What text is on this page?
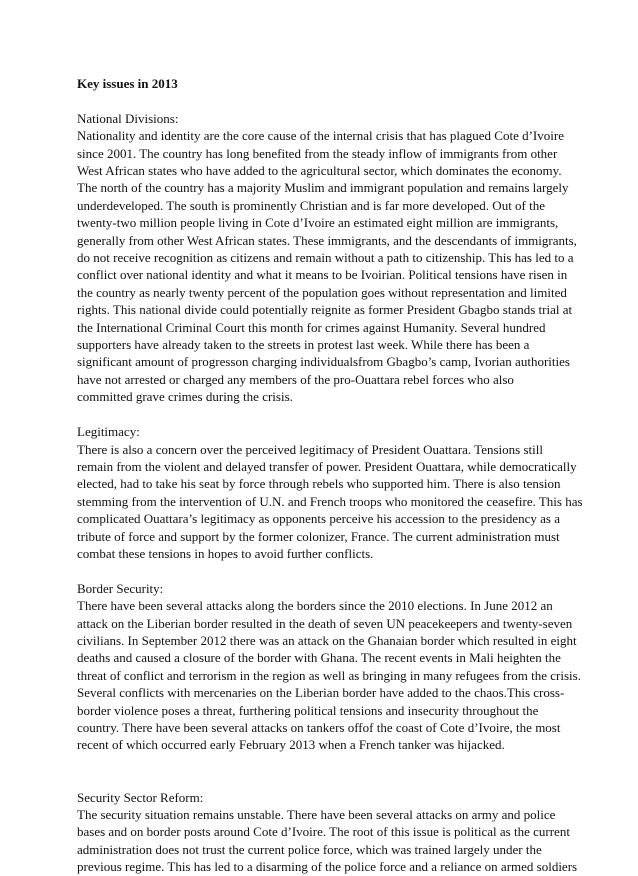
Key issues in 2013
National Divisions:
Nationality and identity are the core cause of the internal crisis that has plagued Cote d’Ivoire
since 2001. The country has long benefited from the steady inflow of immigrants from other
West African states who have added to the agricultural sector, which dominates the economy.
The north of the country has a majority Muslim and immigrant population and remains largely
underdeveloped. The south is prominently Christian and is far more developed. Out of the
twenty-two million people living in Cote d’Ivoire an estimated eight million are immigrants,
generally from other West African states. These immigrants, and the descendants of immigrants,
do not receive recognition as citizens and remain without a path to citizenship. This has led to a
conflict over national identity and what it means to be Ivoirian. Political tensions have risen in
the country as nearly twenty percent of the population goes without representation and limited
rights. This national divide could potentially reignite as former President Gbagbo stands trial at
the International Criminal Court this month for crimes against Humanity. Several hundred
supporters have already taken to the streets in protest last week. While there has been a
significant amount of progresson charging individualsfrom Gbagbo’s camp, Ivorian authorities
have not arrested or charged any members of the pro-Ouattara rebel forces who also
committed grave crimes during the crisis.
Legitimacy:
There is also a concern over the perceived legitimacy of President Ouattara. Tensions still
remain from the violent and delayed transfer of power. President Ouattara, while democratically
elected, had to take his seat by force through rebels who supported him. There is also tension
stemming from the intervention of U.N. and French troops who monitored the ceasefire. This has
complicated Ouattara’s legitimacy as opponents perceive his accession to the presidency as a
tribute of force and support by the former colonizer, France. The current administration must
combat these tensions in hopes to avoid further conflicts.
Border Security:
There have been several attacks along the borders since the 2010 elections. In June 2012 an
attack on the Liberian border resulted in the death of seven UN peacekeepers and twenty-seven
civilians. In September 2012 there was an attack on the Ghanaian border which resulted in eight
deaths and caused a closure of the border with Ghana. The recent events in Mali heighten the
threat of conflict and terrorism in the region as well as bringing in many refugees from the crisis.
Several conflicts with mercenaries on the Liberian border have added to the chaos.This cross-
border violence poses a threat, furthering political tensions and insecurity throughout the
country. There have been several attacks on tankers offof the coast of Cote d’Ivoire, the most
recent of which occurred early February 2013 when a French tanker was hijacked.
Security Sector Reform:
The security situation remains unstable. There have been several attacks on army and police
bases and on border posts around Cote d’Ivoire. The root of this issue is political as the current
administration does not trust the current police force, which was trained largely under the
previous regime. This has led to a disarming of the police force and a reliance on armed soldiers
